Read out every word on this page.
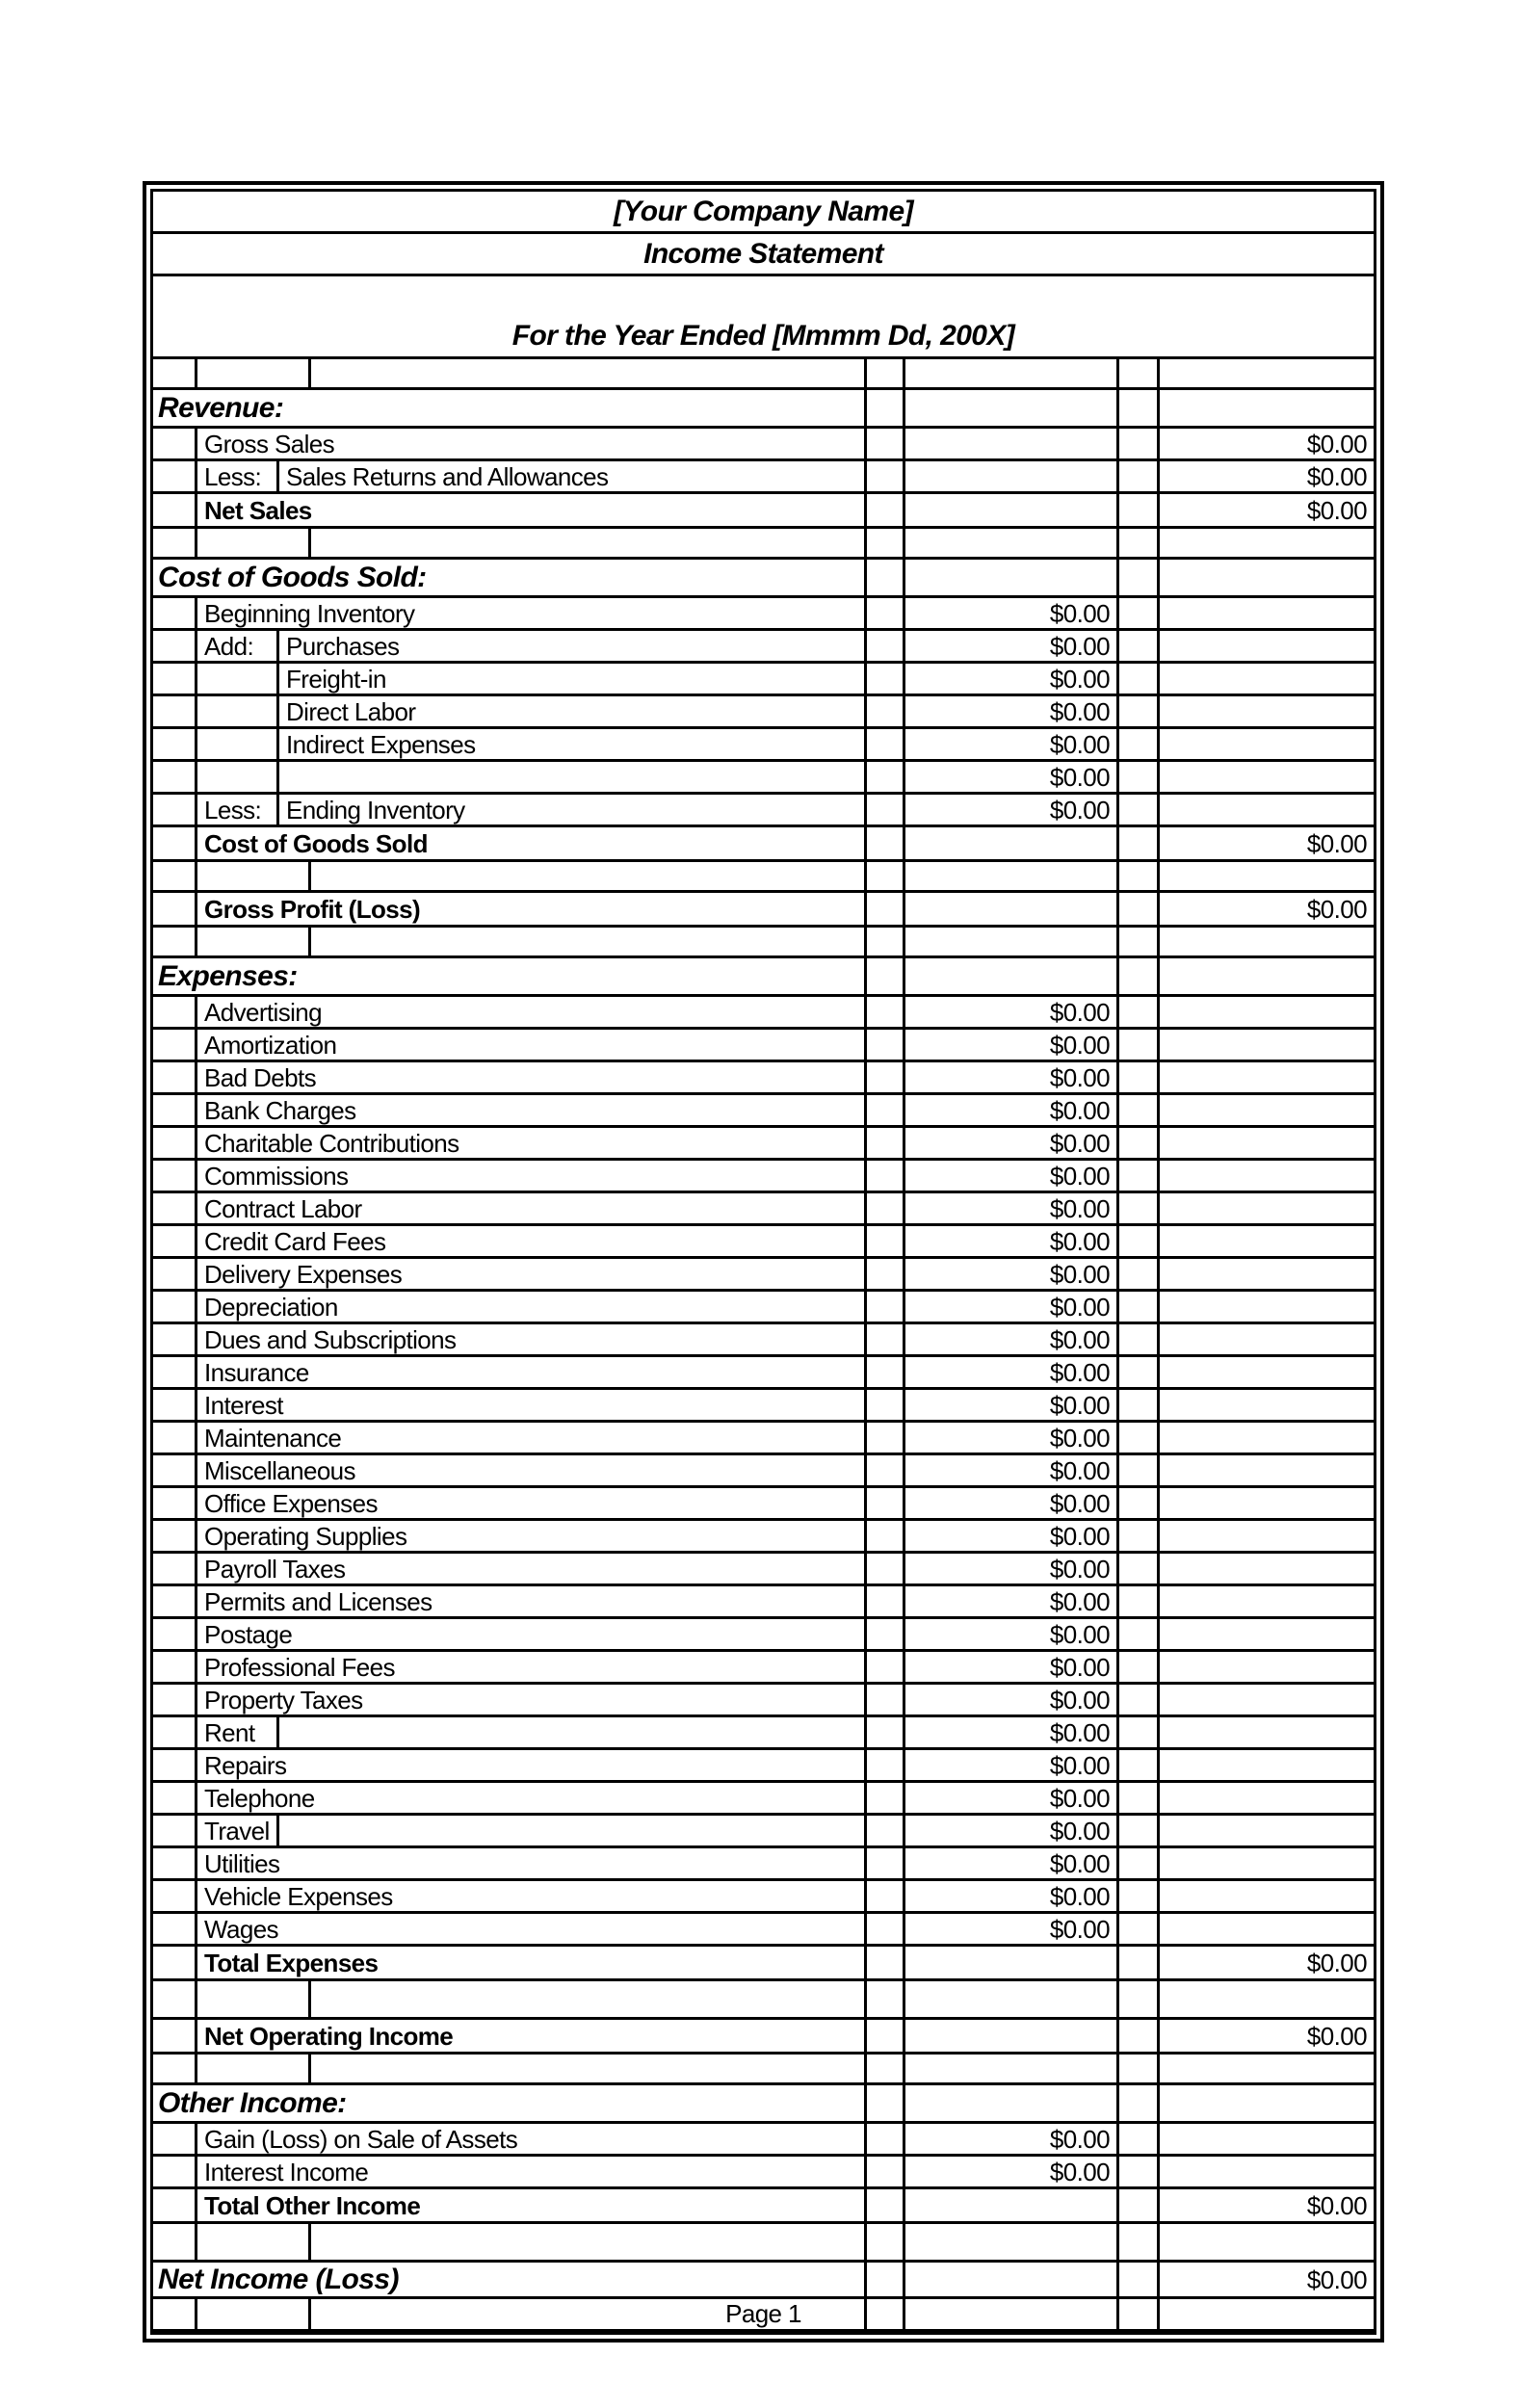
[Your Company Name]
Income Statement
For the Year Ended [Mmmm Dd, 200X]
Revenue:
Gross Sales	$0.00
Less: Sales Returns and Allowances	$0.00
Net Sales	$0.00
Cost of Goods Sold:
Beginning Inventory	$0.00
Add:	Purchases	$0.00
Freight-in	$0.00
Direct Labor	$0.00
Indirect Expenses	$0.00
$0.00
Less: Ending Inventory	$0.00
Cost of Goods Sold	$0.00
Gross Profit (Loss)	$0.00
Expenses:
Advertising	$0.00
Amortization	$0.00
Bad Debts	$0.00
Bank Charges	$0.00
Charitable Contributions	$0.00
Commissions	$0.00
Contract Labor	$0.00
Credit Card Fees	$0.00
Delivery Expenses	$0.00
Depreciation	$0.00
Dues and Subscriptions	$0.00
Insurance	$0.00
Interest	$0.00
Maintenance	$0.00
Miscellaneous	$0.00
Office Expenses	$0.00
Operating Supplies	$0.00
Payroll Taxes	$0.00
Permits and Licenses	$0.00
Postage	$0.00
Professional Fees	$0.00
Property Taxes	$0.00
Rent	$0.00
Repairs	$0.00
Telephone	$0.00
Travel	$0.00
Utilities	$0.00
Vehicle Expenses	$0.00
Wages	$0.00
Total Expenses	$0.00
Net Operating Income	$0.00
Other Income:
Gain (Loss) on Sale of Assets	$0.00
Interest Income	$0.00
Total Other Income	$0.00
Net Income (Loss)	$0.00
Page 1
